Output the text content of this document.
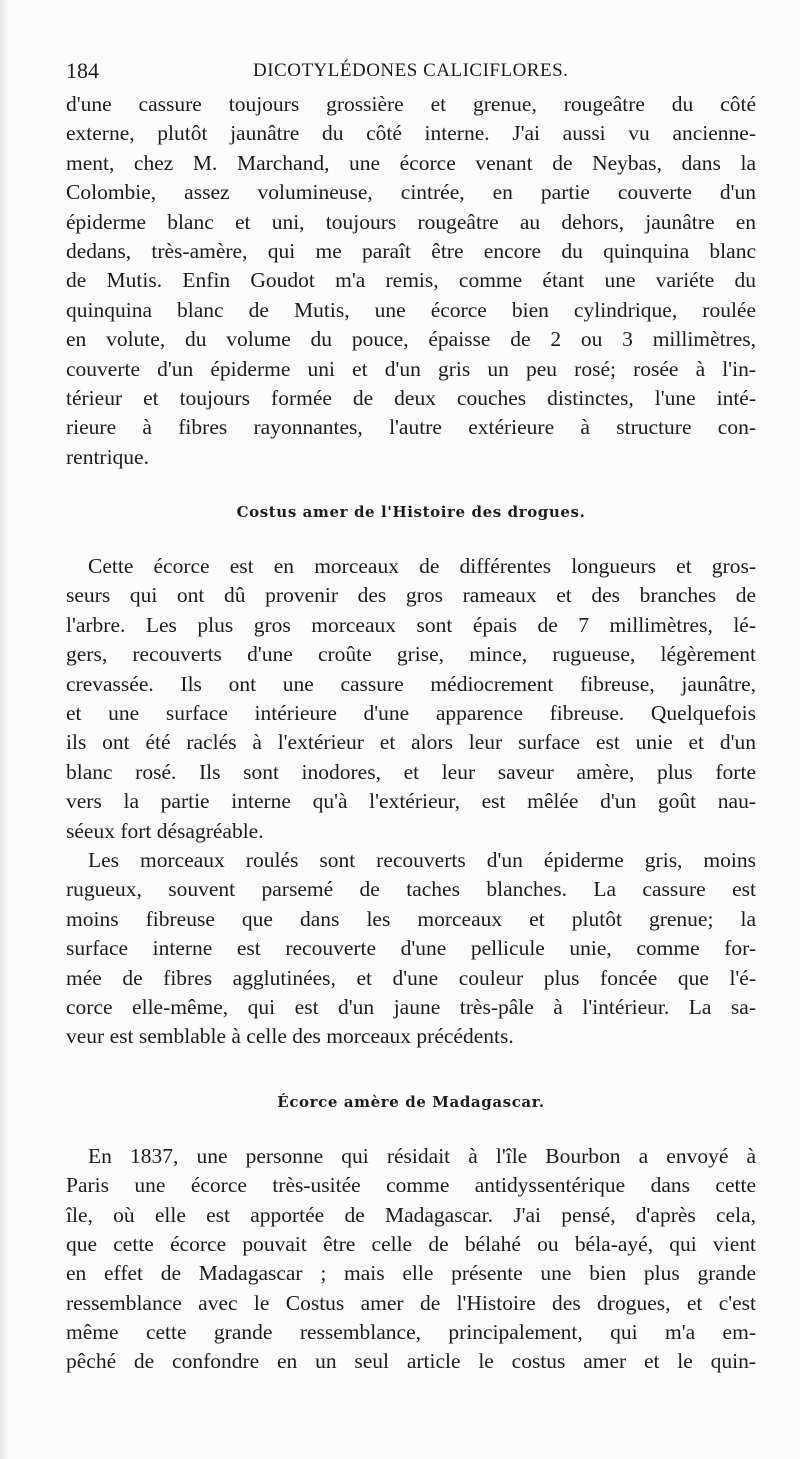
184	DICOTYLÉDONES CALICIFLORES.
d'une cassure toujours grossière et grenue, rougeâtre du côté
externe, plutôt jaunâtre du côté interne. J'ai aussi vu ancienne-
ment, chez M. Marchand, une écorce venant de Neybas, dans la
Colombie, assez volumineuse, cintrée, en partie couverte d'un
épiderme blanc et uni, toujours rougeâtre au dehors, jaunâtre en
dedans, très-amère, qui me paraît être encore du quinquina blanc
de Mutis. Enfin Goudot m'a remis, comme étant une variéte du
quinquina blanc de Mutis, une écorce bien cylindrique, roulée
en volute, du volume du pouce, épaisse de 2 ou 3 millimètres,
couverte d'un épiderme uni et d'un gris un peu rosé; rosée à l'in-
térieur et toujours formée de deux couches distinctes, l'une inté-
rieure à fibres rayonnantes, l'autre extérieure à structure con-
rentrique.
Costus amer de l'Histoire des drogues.
Cette écorce est en morceaux de différentes longueurs et gros-
seurs qui ont dû provenir des gros rameaux et des branches de
l'arbre. Les plus gros morceaux sont épais de 7 millimètres, lé-
gers, recouverts d'une croûte grise, mince, rugueuse, légèrement
crevassée. Ils ont une cassure médiocrement fibreuse, jaunâtre,
et une surface intérieure d'une apparence fibreuse. Quelquefois
ils ont été raclés à l'extérieur et alors leur surface est unie et d'un
blanc rosé. Ils sont inodores, et leur saveur amère, plus forte
vers la partie interne qu'à l'extérieur, est mêlée d'un goût nau-
séeux fort désagréable.
Les morceaux roulés sont recouverts d'un épiderme gris, moins
rugueux, souvent parsemé de taches blanches. La cassure est
moins fibreuse que dans les morceaux et plutôt grenue; la
surface interne est recouverte d'une pellicule unie, comme for-
mée de fibres agglutinées, et d'une couleur plus foncée que l'é-
corce elle-même, qui est d'un jaune très-pâle à l'intérieur. La sa-
veur est semblable à celle des morceaux précédents.
Écorce amère de Madagascar.
En 1837, une personne qui résidait à l'île Bourbon a envoyé à
Paris une écorce très-usitée comme antidyssentérique dans cette
île, où elle est apportée de Madagascar. J'ai pensé, d'après cela,
que cette écorce pouvait être celle de bélahé ou béla-ayé, qui vient
en effet de Madagascar ; mais elle présente une bien plus grande
ressemblance avec le Costus amer de l'Histoire des drogues, et c'est
même cette grande ressemblance, principalement, qui m'a em-
pêché de confondre en un seul article le costus amer et le quin-
